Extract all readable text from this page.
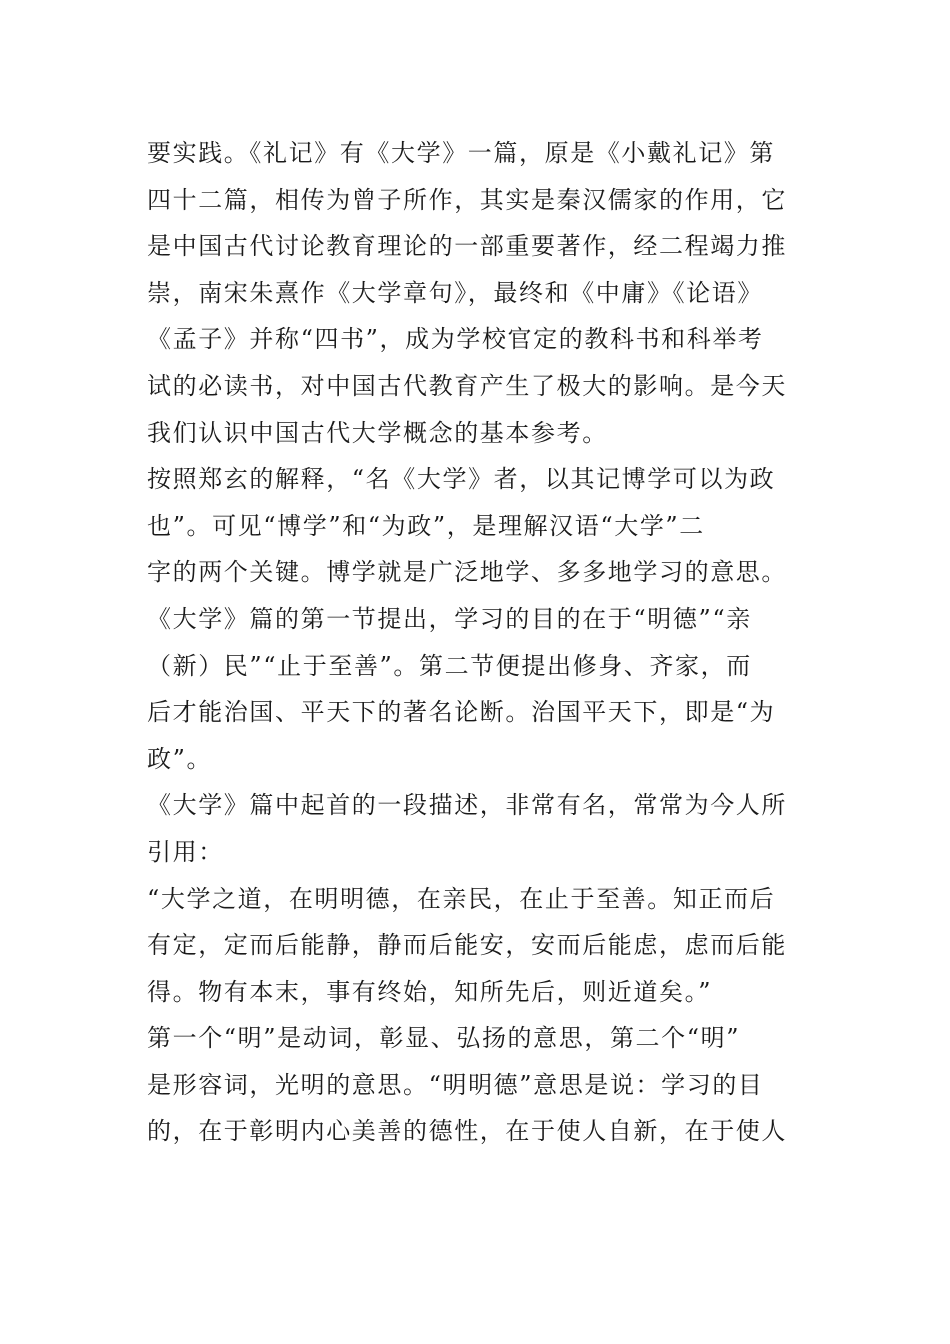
要实践。《礼记》有《大学》一篇，原是《小戴礼记》第
四十二篇，相传为曾子所作，其实是秦汉儒家的作用，它
是中国古代讨论教育理论的一部重要著作，经二程竭力推
崇，南宋朱熹作《大学章句》，最终和《中庸》《论语》
《孟子》并称“四书”，成为学校官定的教科书和科举考
试的必读书，对中国古代教育产生了极大的影响。是今天
我们认识中国古代大学概念的基本参考。
按照郑玄的解释，“名《大学》者，以其记博学可以为政
也”。可见“博学”和“为政”，是理解汉语“大学”二
字的两个关键。博学就是广泛地学、多多地学习的意思。
《大学》篇的第一节提出，学习的目的在于“明德”“亲
（新）民”“止于至善”。第二节便提出修身、齐家，而
后才能治国、平天下的著名论断。治国平天下，即是“为
政”。
《大学》篇中起首的一段描述，非常有名，常常为今人所
引用：
“大学之道，在明明德，在亲民，在止于至善。知正而后
有定，定而后能静，静而后能安，安而后能虑，虑而后能
得。物有本末，事有终始，知所先后，则近道矣。”
第一个“明”是动词，彰显、弘扬的意思，第二个“明”
是形容词，光明的意思。“明明德”意思是说：学习的目
的，在于彰明内心美善的德性，在于使人自新，在于使人
